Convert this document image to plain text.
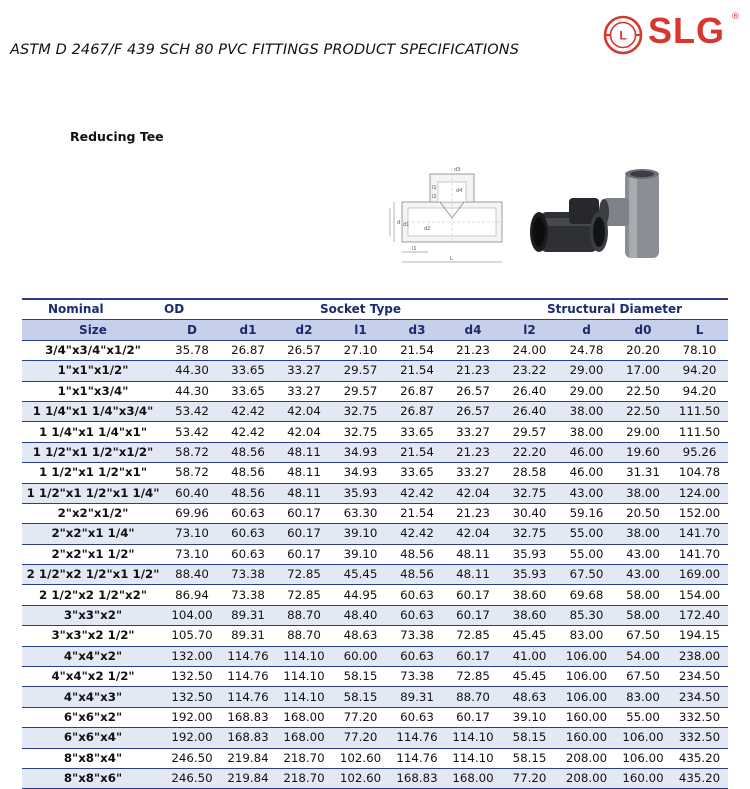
ASTM D 2467/F 439 SCH 80 PVC FITTINGS PRODUCT SPECIFICATIONS
L SLG ®
Reducing Tee
d3
d4
l1
l2
d d1
d2
l1
L
Nominal	OD	Socket Type					Structural Diameter			
Size	D	d1	d2	l1	d3	d4	l2	d	d0	L
3/4"x3/4"x1/2"	35.78	26.87	26.57	27.10	21.54	21.23	24.00	24.78	20.20	78.10
1"x1"x1/2"	44.30	33.65	33.27	29.57	21.54	21.23	23.22	29.00	17.00	94.20
1"x1"x3/4"	44.30	33.65	33.27	29.57	26.87	26.57	26.40	29.00	22.50	94.20
1 1/4"x1 1/4"x3/4"	53.42	42.42	42.04	32.75	26.87	26.57	26.40	38.00	22.50	111.50
1 1/4"x1 1/4"x1"	53.42	42.42	42.04	32.75	33.65	33.27	29.57	38.00	29.00	111.50
1 1/2"x1 1/2"x1/2"	58.72	48.56	48.11	34.93	21.54	21.23	22.20	46.00	19.60	95.26
1 1/2"x1 1/2"x1"	58.72	48.56	48.11	34.93	33.65	33.27	28.58	46.00	31.31	104.78
1 1/2"x1 1/2"x1 1/4"	60.40	48.56	48.11	35.93	42.42	42.04	32.75	43.00	38.00	124.00
2"x2"x1/2"	69.96	60.63	60.17	63.30	21.54	21.23	30.40	59.16	20.50	152.00
2"x2"x1 1/4"	73.10	60.63	60.17	39.10	42.42	42.04	32.75	55.00	38.00	141.70
2"x2"x1 1/2"	73.10	60.63	60.17	39.10	48.56	48.11	35.93	55.00	43.00	141.70
2 1/2"x2 1/2"x1 1/2"	88.40	73.38	72.85	45.45	48.56	48.11	35.93	67.50	43.00	169.00
2 1/2"x2 1/2"x2"	86.94	73.38	72.85	44.95	60.63	60.17	38.60	69.68	58.00	154.00
3"x3"x2"	104.00	89.31	88.70	48.40	60.63	60.17	38.60	85.30	58.00	172.40
3"x3"x2 1/2"	105.70	89.31	88.70	48.63	73.38	72.85	45.45	83.00	67.50	194.15
4"x4"x2"	132.00	114.76	114.10	60.00	60.63	60.17	41.00	106.00	54.00	238.00
4"x4"x2 1/2"	132.50	114.76	114.10	58.15	73.38	72.85	45.45	106.00	67.50	234.50
4"x4"x3"	132.50	114.76	114.10	58.15	89.31	88.70	48.63	106.00	83.00	234.50
6"x6"x2"	192.00	168.83	168.00	77.20	60.63	60.17	39.10	160.00	55.00	332.50
6"x6"x4"	192.00	168.83	168.00	77.20	114.76	114.10	58.15	160.00	106.00	332.50
8"x8"x4"	246.50	219.84	218.70	102.60	114.76	114.10	58.15	208.00	106.00	435.20
8"x8"x6"	246.50	219.84	218.70	102.60	168.83	168.00	77.20	208.00	160.00	435.20
